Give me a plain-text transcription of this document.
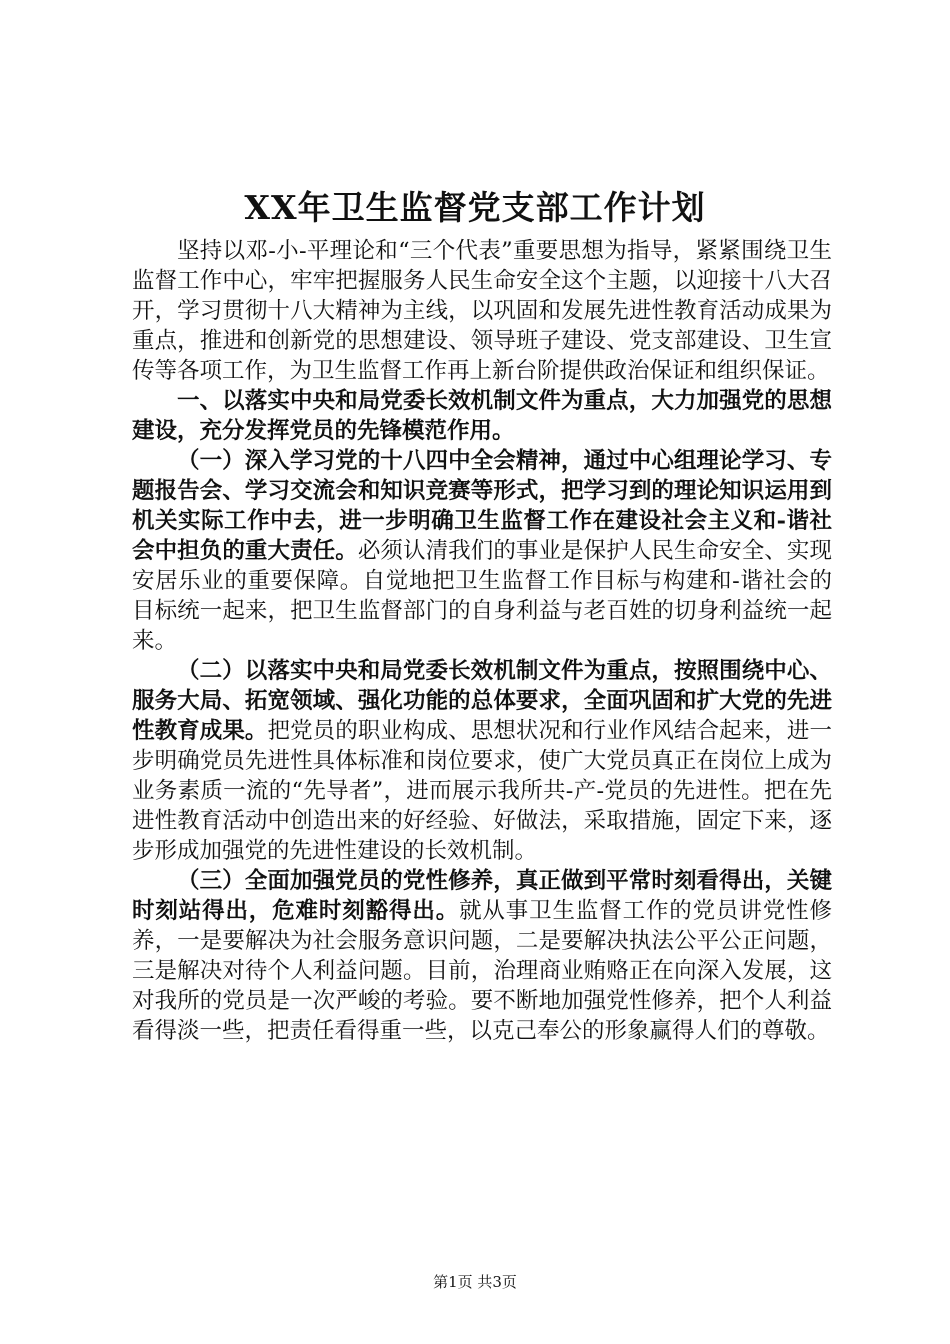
XX年卫生监督党支部工作计划

坚持以邓-小-平理论和“三个代表”重要思想为指导，紧紧围绕卫生监督工作中心，牢牢把握服务人民生命安全这个主题，以迎接十八大召开，学习贯彻十八大精神为主线，以巩固和发展先进性教育活动成果为重点，推进和创新党的思想建设、领导班子建设、党支部建设、卫生宣传等各项工作，为卫生监督工作再上新台阶提供政治保证和组织保证。

一、以落实中央和局党委长效机制文件为重点，大力加强党的思想建设，充分发挥党员的先锋模范作用。

（一）深入学习党的十八四中全会精神，通过中心组理论学习、专题报告会、学习交流会和知识竞赛等形式，把学习到的理论知识运用到机关实际工作中去，进一步明确卫生监督工作在建设社会主义和-谐社会中担负的重大责任。必须认清我们的事业是保护人民生命安全、实现安居乐业的重要保障。自觉地把卫生监督工作目标与构建和-谐社会的目标统一起来，把卫生监督部门的自身利益与老百姓的切身利益统一起来。

（二）以落实中央和局党委长效机制文件为重点，按照围绕中心、服务大局、拓宽领域、强化功能的总体要求，全面巩固和扩大党的先进性教育成果。把党员的职业构成、思想状况和行业作风结合起来，进一步明确党员先进性具体标准和岗位要求，使广大党员真正在岗位上成为业务素质一流的“先导者”，进而展示我所共-产-党员的先进性。把在先进性教育活动中创造出来的好经验、好做法，采取措施，固定下来，逐步形成加强党的先进性建设的长效机制。

（三）全面加强党员的党性修养，真正做到平常时刻看得出，关键时刻站得出，危难时刻豁得出。就从事卫生监督工作的党员讲党性修养，一是要解决为社会服务意识问题，二是要解决执法公平公正问题，三是解决对待个人利益问题。目前，治理商业贿赂正在向深入发展，这对我所的党员是一次严峻的考验。要不断地加强党性修养，把个人利益看得淡一些，把责任看得重一些，以克己奉公的形象赢得人们的尊敬。

第1页 共3页
